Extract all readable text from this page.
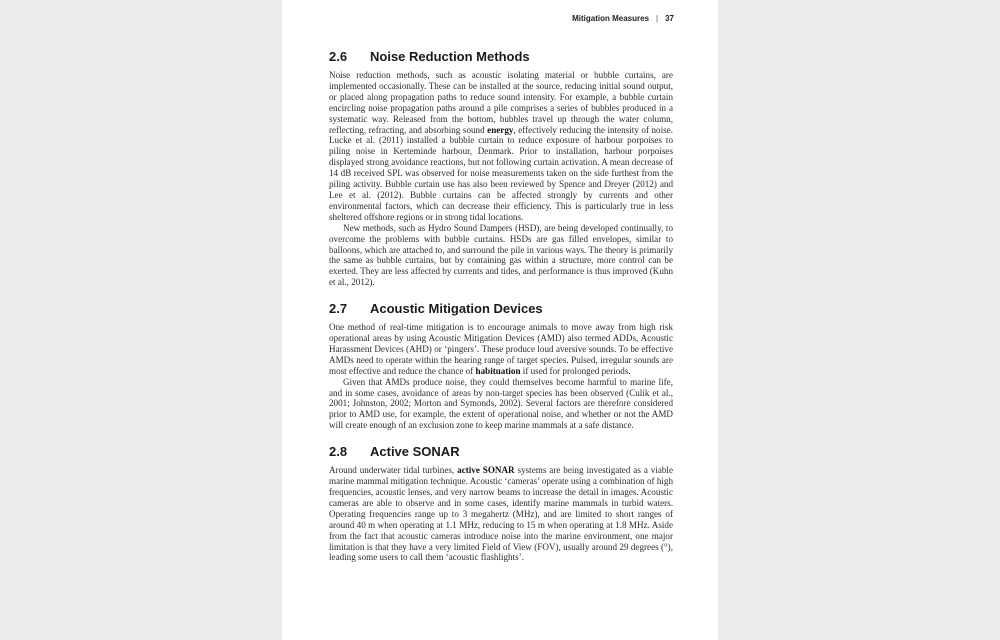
Mitigation Measures | 37
2.6 Noise Reduction Methods

Noise reduction methods, such as acoustic isolating material or bubble curtains, are implemented occasionally. These can be installed at the source, reducing initial sound output, or placed along propagation paths to reduce sound intensity. For example, a bubble curtain encircling noise propagation paths around a pile comprises a series of bubbles produced in a systematic way. Released from the bottom, bubbles travel up through the water column, reflecting, refracting, and absorbing sound energy, effectively reducing the intensity of noise. Lucke et al. (2011) installed a bubble curtain to reduce exposure of harbour porpoises to piling noise in Kerteminde harbour, Denmark. Prior to installation, harbour porpoises displayed strong avoidance reactions, but not following curtain activation. A mean decrease of 14 dB received SPL was observed for noise measurements taken on the side furthest from the piling activity. Bubble curtain use has also been reviewed by Spence and Dreyer (2012) and Lee et al. (2012). Bubble curtains can be affected strongly by currents and other environmental factors, which can decrease their efficiency. This is particularly true in less sheltered offshore regions or in strong tidal locations.

New methods, such as Hydro Sound Dampers (HSD), are being developed continually, to overcome the problems with bubble curtains. HSDs are gas filled envelopes, similar to balloons, which are attached to, and surround the pile in various ways. The theory is primarily the same as bubble curtains, but by containing gas within a structure, more control can be exerted. They are less affected by currents and tides, and performance is thus improved (Kuhn et al., 2012).

2.7 Acoustic Mitigation Devices

One method of real-time mitigation is to encourage animals to move away from high risk operational areas by using Acoustic Mitigation Devices (AMD) also termed ADDs, Acoustic Harassment Devices (AHD) or ‘pingers’. These produce loud aversive sounds. To be effective AMDs need to operate within the hearing range of target species. Pulsed, irregular sounds are most effective and reduce the chance of habituation if used for prolonged periods.

Given that AMDs produce noise, they could themselves become harmful to marine life, and in some cases, avoidance of areas by non-target species has been observed (Culik et al., 2001; Johnston, 2002; Morton and Symonds, 2002). Several factors are therefore considered prior to AMD use, for example, the extent of operational noise, and whether or not the AMD will create enough of an exclusion zone to keep marine mammals at a safe distance.

2.8 Active SONAR

Around underwater tidal turbines, active SONAR systems are being investigated as a viable marine mammal mitigation technique. Acoustic ‘cameras’ operate using a combination of high frequencies, acoustic lenses, and very narrow beams to increase the detail in images. Acoustic cameras are able to observe and in some cases, identify marine mammals in turbid waters. Operating frequencies range up to 3 megahertz (MHz), and are limited to short ranges of around 40 m when operating at 1.1 MHz, reducing to 15 m when operating at 1.8 MHz. Aside from the fact that acoustic cameras introduce noise into the marine environment, one major limitation is that they have a very limited Field of View (FOV), usually around 29 degrees (°), leading some users to call them ‘acoustic flashlights’.
